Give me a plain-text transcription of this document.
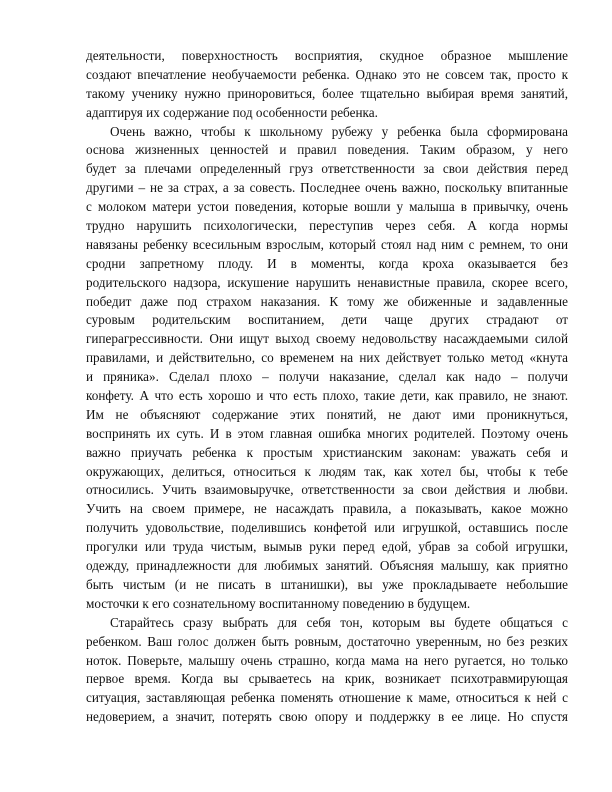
деятельности, поверхностность восприятия, скудное образное мышление
создают впечатление необучаемости ребенка. Однако это не совсем так, просто к
такому ученику нужно приноровиться, более тщательно выбирая время занятий,
адаптируя их содержание под особенности ребенка.
Очень важно, чтобы к школьному рубежу у ребенка была сформирована
основа жизненных ценностей и правил поведения. Таким образом, у него
будет за плечами определенный груз ответственности за свои действия перед
другими – не за страх, а за совесть. Последнее очень важно, поскольку впитанные
с молоком матери устои поведения, которые вошли у малыша в привычку, очень
трудно нарушить психологически, переступив через себя. А когда нормы
навязаны ребенку всесильным взрослым, который стоял над ним с ремнем, то они
сродни запретному плоду. И в моменты, когда кроха оказывается без
родительского надзора, искушение нарушить ненавистные правила, скорее всего,
победит даже под страхом наказания. К тому же обиженные и задавленные
суровым родительским воспитанием, дети чаще других страдают от
гиперагрессивности. Они ищут выход своему недовольству насаждаемыми силой
правилами, и действительно, со временем на них действует только метод «кнута
и пряника». Сделал плохо – получи наказание, сделал как надо – получи
конфету. А что есть хорошо и что есть плохо, такие дети, как правило, не знают.
Им не объясняют содержание этих понятий, не дают ими проникнуться,
воспринять их суть. И в этом главная ошибка многих родителей. Поэтому очень
важно приучать ребенка к простым христианским законам: уважать себя и
окружающих, делиться, относиться к людям так, как хотел бы, чтобы к тебе
относились. Учить взаимовыручке, ответственности за свои действия и любви.
Учить на своем примере, не насаждать правила, а показывать, какое можно
получить удовольствие, поделившись конфетой или игрушкой, оставшись после
прогулки или труда чистым, вымыв руки перед едой, убрав за собой игрушки,
одежду, принадлежности для любимых занятий. Объясняя малышу, как приятно
быть чистым (и не писать в штанишки), вы уже прокладываете небольшие
мосточки к его сознательному воспитанному поведению в будущем.
Старайтесь сразу выбрать для себя тон, которым вы будете общаться с
ребенком. Ваш голос должен быть ровным, достаточно уверенным, но без резких
ноток. Поверьте, малышу очень страшно, когда мама на него ругается, но только
первое время. Когда вы срываетесь на крик, возникает психотравмирующая
ситуация, заставляющая ребенка поменять отношение к маме, относиться к ней с
недоверием, а значит, потерять свою опору и поддержку в ее лице. Но спустя
